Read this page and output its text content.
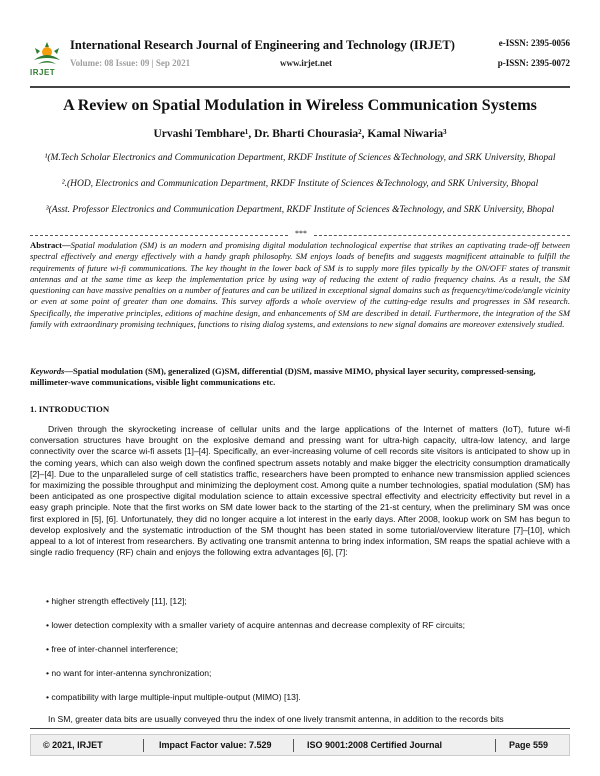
IRJET
International Research Journal of Engineering and Technology (IRJET)
Volume: 08 Issue: 09 | Sep 2021	www.irjet.net
e-ISSN: 2395-0056
p-ISSN: 2395-0072
A Review on Spatial Modulation in Wireless Communication Systems
Urvashi Tembhare¹, Dr. Bharti Chourasia², Kamal Niwaria³
¹(M.Tech Scholar Electronics and Communication Department, RKDF Institute of Sciences &Technology, and SRK University, Bhopal
².(HOD, Electronics and Communication Department, RKDF Institute of Sciences &Technology, and SRK University, Bhopal
³(Asst. Professor Electronics and Communication Department, RKDF Institute of Sciences &Technology, and SRK University, Bhopal
***
Abstract—Spatial modulation (SM) is an modern and promising digital modulation technological expertise that strikes an captivating trade-off between spectral effectively and energy effectively with a handy graph philosophy. SM enjoys loads of benefits and suggests magnificent attainable to fulfill the requirements of future wi-fi communications. The key thought in the lower back of SM is to supply more files typically by the ON/OFF states of transmit antennas and at the same time as keep the implementation price by using way of reducing the extent of radio frequency chains. As a result, the SM questioning can have massive penalties on a number of features and can be utilized in exceptional signal domains such as frequency/time/code/angle vicinity or even at some point of greater than one domains. This survey affords a whole overview of the cutting-edge results and progresses in SM research. Specifically, the imperative principles, editions of machine design, and enhancements of SM are described in detail. Furthermore, the integration of the SM family with extraordinary promising techniques, functions to rising dialog systems, and extensions to new signal domains are moreover extensively studied.
Keywords—Spatial modulation (SM), generalized (G)SM, differential (D)SM, massive MIMO, physical layer security, compressed-sensing, millimeter-wave communications, visible light communications etc.
1. INTRODUCTION
Driven through the skyrocketing increase of cellular units and the large applications of the Internet of matters (IoT), future wi-fi conversation structures have brought on the explosive demand and pressing want for ultra-high capacity, ultra-low latency, and large connectivity over the scarce wi-fi assets [1]–[4]. Specifically, an ever-increasing volume of cell records site visitors is anticipated to show up in the coming years, which can also weigh down the confined spectrum assets notably and make bigger the electricity consumption dramatically [2]–[4]. Due to the unparalleled surge of cell statistics traffic, researchers have been prompted to enhance new transmission applied sciences for maximizing the possible throughput and minimizing the deployment cost. Among quite a number technologies, spatial modulation (SM) has been anticipated as one prospective digital modulation science to attain excessive spectral effectivity and electricity effectivity but revel in a easy graph principle. Note that the first works on SM date lower back to the starting of the 21-st century, when the preliminary SM was once first explored in [5], [6]. Unfortunately, they did no longer acquire a lot interest in the early days. After 2008, lookup work on SM has begun to develop explosively and the systematic introduction of the SM thought has been stated in some tutorial/overview literature [7]–[10], which appeal to a lot of interest from researchers. By activating one transmit antenna to bring index information, SM reaps the spatial achieve with a single radio frequency (RF) chain and enjoys the following extra advantages [6], [7]:
• higher strength effectively [11], [12];
• lower detection complexity with a smaller variety of acquire antennas and decrease complexity of RF circuits;
• free of inter-channel interference;
• no want for inter-antenna synchronization;
• compatibility with large multiple-input multiple-output (MIMO) [13].
In SM, greater data bits are usually conveyed thru the index of one lively transmit antenna, in addition to the records bits
© 2021, IRJET	Impact Factor value: 7.529	ISO 9001:2008 Certified Journal	Page 559
